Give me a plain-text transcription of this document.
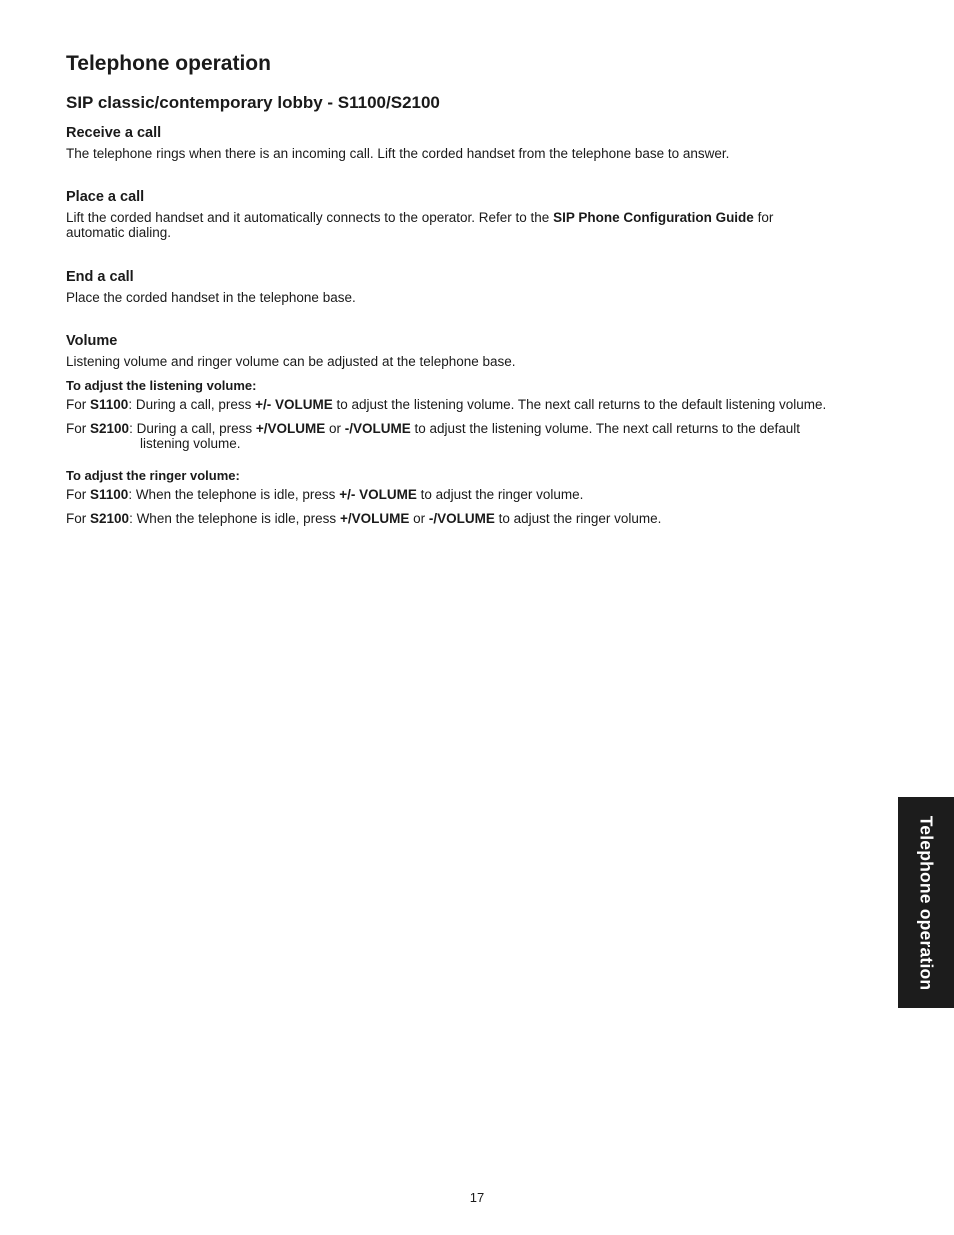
Telephone operation
SIP classic/contemporary lobby - S1100/S2100
Receive a call

The telephone rings when there is an incoming call. Lift the corded handset from the telephone base to answer.

Place a call

Lift the corded handset and it automatically connects to the operator. Refer to the SIP Phone Configuration Guide for
automatic dialing.

End a call

Place the corded handset in the telephone base.

Volume

Listening volume and ringer volume can be adjusted at the telephone base.

To adjust the listening volume:

For S1100: During a call, press +/- VOLUME to adjust the listening volume. The next call returns to the default listening volume.

For S2100: During a call, press +/VOLUME or -/VOLUME to adjust the listening volume. The next call returns to the default
listening volume.

To adjust the ringer volume:

For S1100: When the telephone is idle, press +/- VOLUME to adjust the ringer volume.

For S2100: When the telephone is idle, press +/VOLUME or -/VOLUME to adjust the ringer volume.

Telephone operation
17
